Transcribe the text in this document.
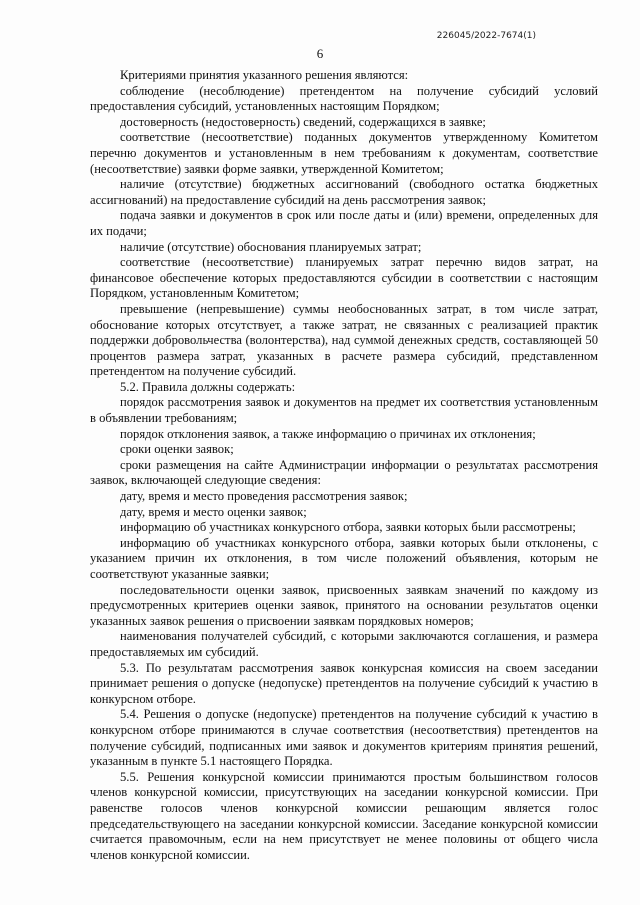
226045/2022-7674(1)
6

Критериями принятия указанного решения являются:

соблюдение (несоблюдение) претендентом на получение субсидий условий предоставления субсидий, установленных настоящим Порядком;

достоверность (недостоверность) сведений, содержащихся в заявке;

соответствие (несоответствие) поданных документов утвержденному Комитетом перечню документов и установленным в нем требованиям к документам, соответствие (несоответствие) заявки форме заявки, утвержденной Комитетом;

наличие (отсутствие) бюджетных ассигнований (свободного остатка бюджетных ассигнований) на предоставление субсидий на день рассмотрения заявок;

подача заявки и документов в срок или после даты и (или) времени, определенных для их подачи;

наличие (отсутствие) обоснования планируемых затрат;

соответствие (несоответствие) планируемых затрат перечню видов затрат, на финансовое обеспечение которых предоставляются субсидии в соответствии с настоящим Порядком, установленным Комитетом;

превышение (непревышение) суммы необоснованных затрат, в том числе затрат, обоснование которых отсутствует, а также затрат, не связанных с реализацией практик поддержки добровольчества (волонтерства), над суммой денежных средств, составляющей 50 процентов размера затрат, указанных в расчете размера субсидий, представленном претендентом на получение субсидий.

5.2. Правила должны содержать:

порядок рассмотрения заявок и документов на предмет их соответствия установленным в объявлении требованиям;

порядок отклонения заявок, а также информацию о причинах их отклонения;

сроки оценки заявок;

сроки размещения на сайте Администрации информации о результатах рассмотрения заявок, включающей следующие сведения:

дату, время и место проведения рассмотрения заявок;

дату, время и место оценки заявок;

информацию об участниках конкурсного отбора, заявки которых были рассмотрены;

информацию об участниках конкурсного отбора, заявки которых были отклонены, с указанием причин их отклонения, в том числе положений объявления, которым не соответствуют указанные заявки;

последовательности оценки заявок, присвоенных заявкам значений по каждому из предусмотренных критериев оценки заявок, принятого на основании результатов оценки указанных заявок решения о присвоении заявкам порядковых номеров;

наименования получателей субсидий, с которыми заключаются соглашения, и размера предоставляемых им субсидий.

5.3. По результатам рассмотрения заявок конкурсная комиссия на своем заседании принимает решения о допуске (недопуске) претендентов на получение субсидий к участию в конкурсном отборе.

5.4. Решения о допуске (недопуске) претендентов на получение субсидий к участию в конкурсном отборе принимаются в случае соответствия (несоответствия) претендентов на получение субсидий, подписанных ими заявок и документов критериям принятия решений, указанным в пункте 5.1 настоящего Порядка.

5.5. Решения конкурсной комиссии принимаются простым большинством голосов членов конкурсной комиссии, присутствующих на заседании конкурсной комиссии. При равенстве голосов членов конкурсной комиссии решающим является голос председательствующего на заседании конкурсной комиссии. Заседание конкурсной комиссии считается правомочным, если на нем присутствует не менее половины от общего числа членов конкурсной комиссии.
